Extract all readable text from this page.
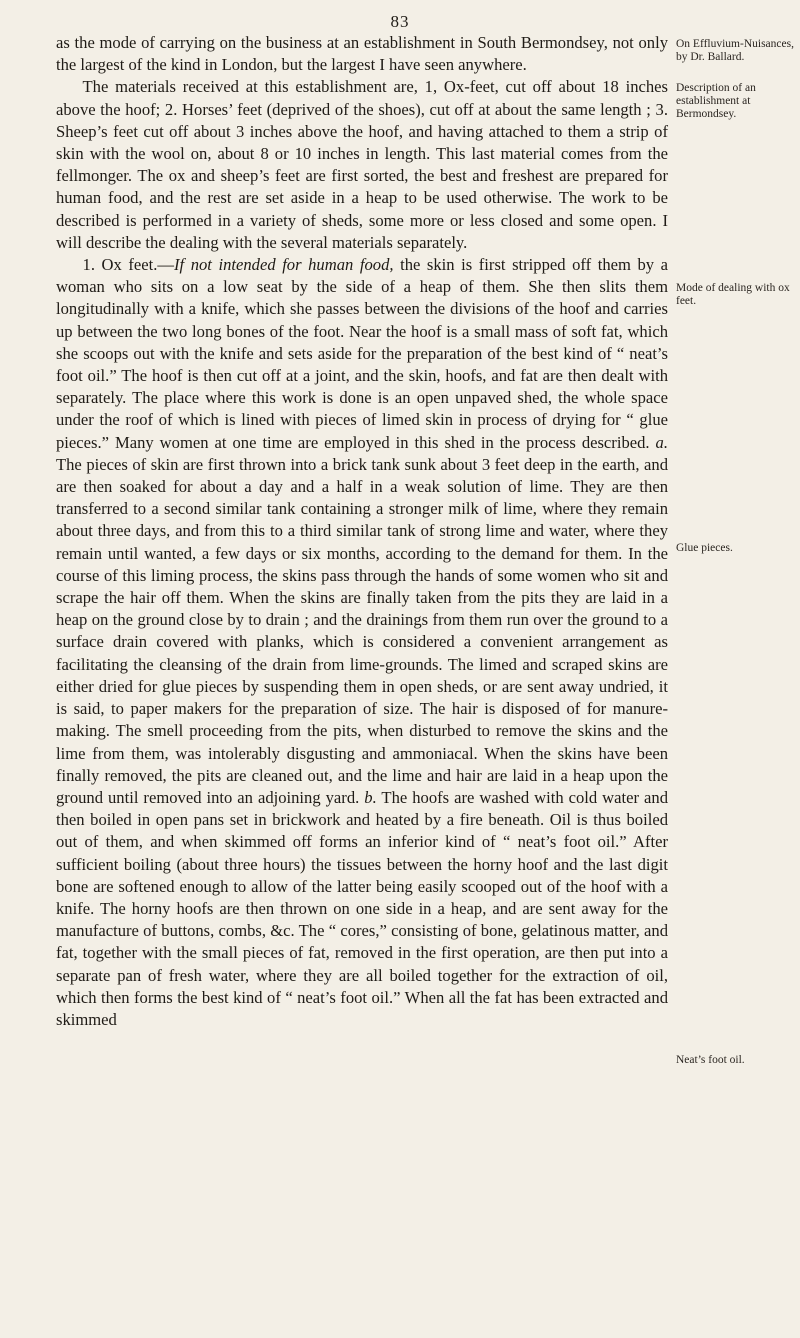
83

as the mode of carrying on the business at an establishment in South Bermondsey, not only the largest of the kind in London, but the largest I have seen anywhere.

The materials received at this establishment are, 1, Ox-feet, cut off about 18 inches above the hoof; 2. Horses’ feet (deprived of the shoes), cut off at about the same length ; 3. Sheep’s feet cut off about 3 inches above the hoof, and having attached to them a strip of skin with the wool on, about 8 or 10 inches in length. This last material comes from the fellmonger. The ox and sheep’s feet are first sorted, the best and freshest are prepared for human food, and the rest are set aside in a heap to be used otherwise. The work to be described is performed in a variety of sheds, some more or less closed and some open. I will describe the dealing with the several materials separately.

1. Ox feet.—If not intended for human food, the skin is first stripped off them by a woman who sits on a low seat by the side of a heap of them. She then slits them longitudinally with a knife, which she passes between the divisions of the hoof and carries up between the two long bones of the foot. Near the hoof is a small mass of soft fat, which she scoops out with the knife and sets aside for the preparation of the best kind of “ neat’s foot oil.” The hoof is then cut off at a joint, and the skin, hoofs, and fat are then dealt with separately. The place where this work is done is an open unpaved shed, the whole space under the roof of which is lined with pieces of limed skin in process of drying for “ glue pieces.” Many women at one time are employed in this shed in the process described. a. The pieces of skin are first thrown into a brick tank sunk about 3 feet deep in the earth, and are then soaked for about a day and a half in a weak solution of lime. They are then transferred to a second similar tank containing a stronger milk of lime, where they remain about three days, and from this to a third similar tank of strong lime and water, where they remain until wanted, a few days or six months, according to the demand for them. In the course of this liming process, the skins pass through the hands of some women who sit and scrape the hair off them. When the skins are finally taken from the pits they are laid in a heap on the ground close by to drain ; and the drainings from them run over the ground to a surface drain covered with planks, which is considered a convenient arrangement as facilitating the cleansing of the drain from lime-grounds. The limed and scraped skins are either dried for glue pieces by suspending them in open sheds, or are sent away undried, it is said, to paper makers for the preparation of size. The hair is disposed of for manure-making. The smell proceeding from the pits, when disturbed to remove the skins and the lime from them, was intolerably disgusting and ammoniacal. When the skins have been finally removed, the pits are cleaned out, and the lime and hair are laid in a heap upon the ground until removed into an adjoining yard. b. The hoofs are washed with cold water and then boiled in open pans set in brickwork and heated by a fire beneath. Oil is thus boiled out of them, and when skimmed off forms an inferior kind of “ neat’s foot oil.” After sufficient boiling (about three hours) the tissues between the horny hoof and the last digit bone are softened enough to allow of the latter being easily scooped out of the hoof with a knife. The horny hoofs are then thrown on one side in a heap, and are sent away for the manufacture of buttons, combs, &c. The “ cores,” consisting of bone, gelatinous matter, and fat, together with the small pieces of fat, removed in the first operation, are then put into a separate pan of fresh water, where they are all boiled together for the extraction of oil, which then forms the best kind of “ neat’s foot oil.” When all the fat has been extracted and skimmed

On Effluvium-Nuisances, by Dr. Ballard.
Description of an establishment at Bermondsey.
Mode of dealing with ox feet.
Glue pieces.
Neat’s foot oil.
